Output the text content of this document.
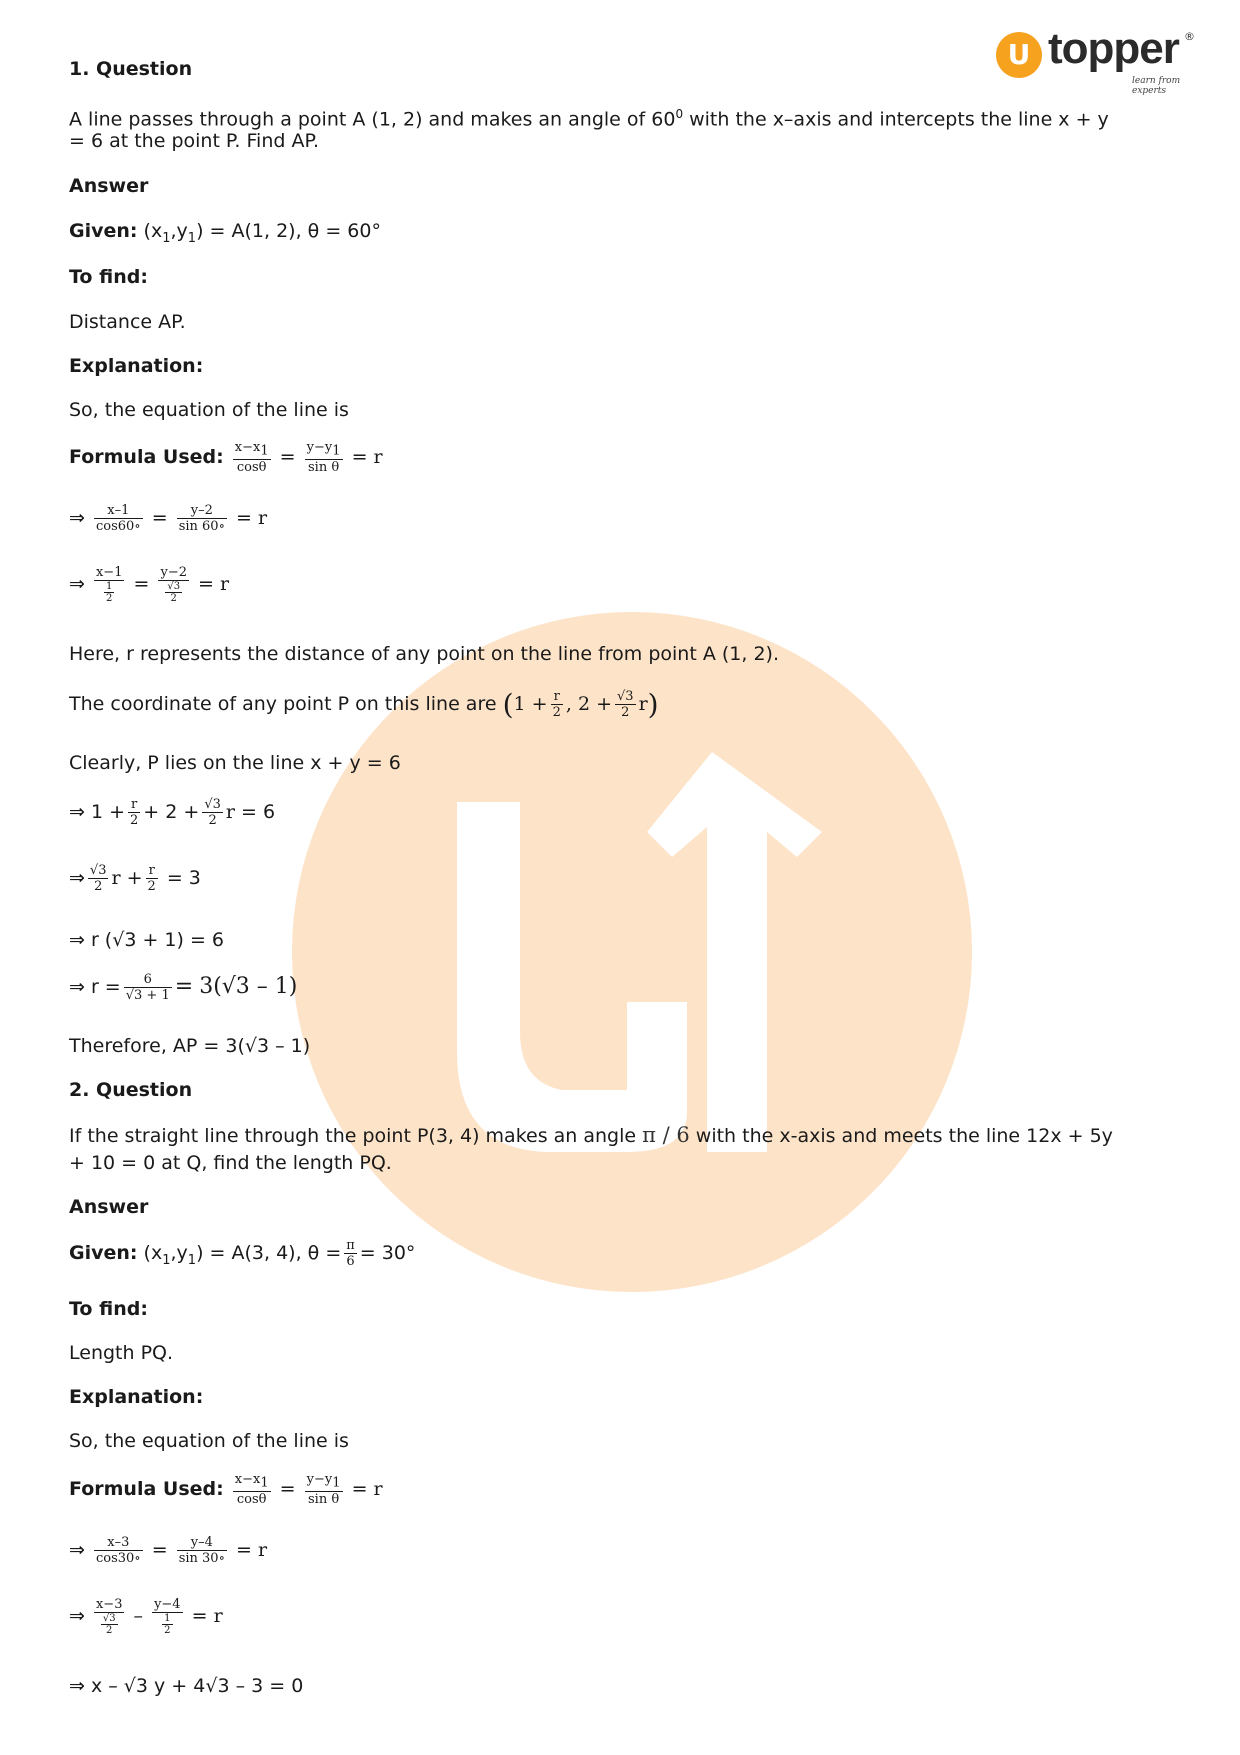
U topper ®
learn from experts

1. Question

A line passes through a point A (1, 2) and makes an angle of $60^0$ with the x–axis and intercepts the line x + y

= 6 at the point P. Find AP.

Answer

Given: $(x_1,y_1) = A(1$, 2), θ = 60°

To find:

Distance AP.

Explanation:

So, the equation of the line is

Formula Used: $\frac{x-x_1}{\cos\theta} = \frac{y-y_1}{\text{sin θ}} = r$

⇒ $\frac{x-1}{\cos 60\circ} = \frac{y-2}{\sin 60\circ} = r$

⇒ $\frac{x-1}{\frac{1}{2}} = \frac{y-2}{\frac{√3}{2}} = r$

Here, r represents the distance of any point on the line from point A (1, 2).

The coordinate of any point P on this line are ($1 + \frac{r}{2}$ , $2 + \frac{√3}{2} r$)

Clearly, P lies on the line x + y = 6

⇒ $1 + \frac{r}{2} + 2 + \frac{√3}{2}$ r = 6

⇒ $\frac{√3}{2}$ $r + \frac{r}{2} = 3$

⇒ r (√3 + 1) = 6

⇒ $r = \frac{6}{√3 + 1} = 3(√3 - 1)$

Therefore, AP = 3(√3 – 1)

2. Question

If the straight line through the point P(3, 4) makes an angle π / 6 with the x-axis and meets the line 12x + 5y

+ 10 = 0 at Q, find the length PQ.

Answer

Given: $(x_1,y_1) = A(3$, 4), $\theta = \frac{\pi}{6} = 30^\circ$

To find:

Length PQ.

Explanation:

So, the equation of the line is

Formula Used: $\frac{x-x_1}{\cos\theta} = \frac{y-y_1}{\text{sin θ}} = r$

⇒ $\frac{x-3}{\cos 30\circ} = \frac{y-4}{\sin 30\circ} = r$

⇒ $\frac{x-3}{\frac{√3}{2}} - \frac{y-4}{\frac{1}{2}} = r$

⇒ x – √3 y + 4√3 – 3 = 0
